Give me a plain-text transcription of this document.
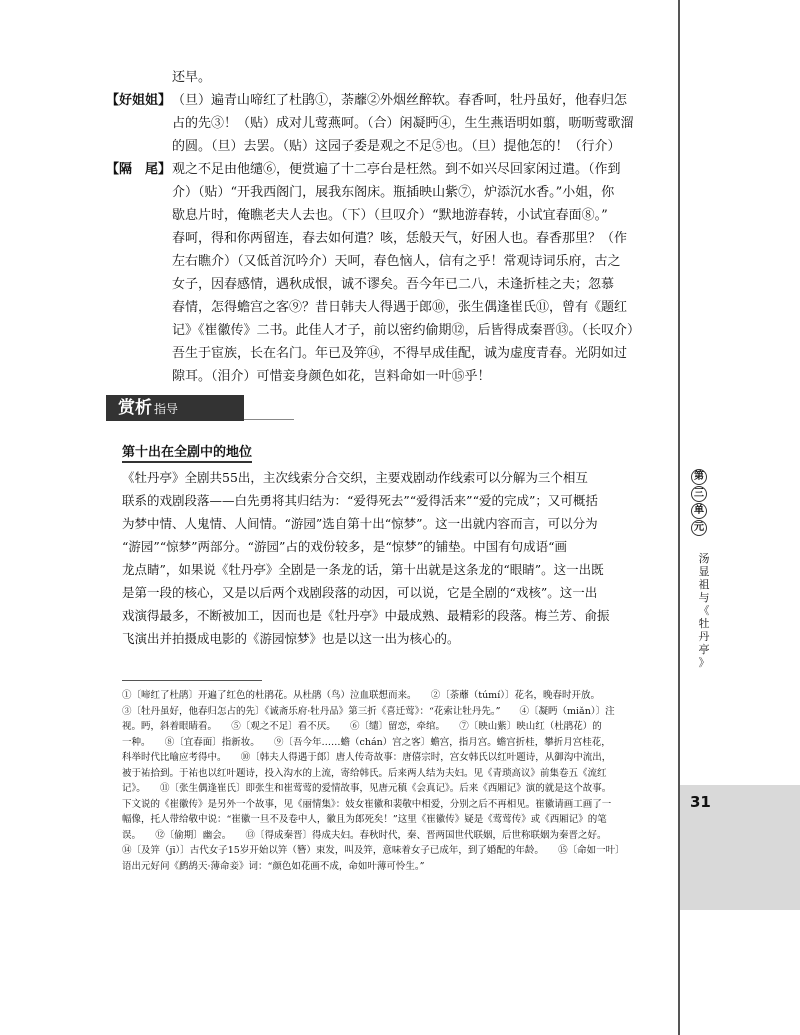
31
第
三
单
元
汤
显
祖
与
《
牡
丹
亭
》
还早。
【好姐姐】 （旦）遍青山啼红了杜鹃①，荼蘼②外烟丝醉软。春香呵，牡丹虽好，他春归怎
占的先③！（贴）成对儿莺燕呵。（合）闲凝眄④，生生燕语明如翦，呖呖莺歌溜
的圆。（旦）去罢。（贴）这园子委是观之不足⑤也。（旦）提他怎的！（行介）
【隔　尾】 观之不足由他缱⑥，便赏遍了十二亭台是枉然。到不如兴尽回家闲过遣。（作到
介）（贴）“开我西阁门，展我东阁床。瓶插映山紫⑦，炉添沉水香。”小姐，你
歇息片时，俺瞧老夫人去也。（下）（旦叹介）“默地游春转，小试宜春面⑧。”
春呵，得和你两留连，春去如何遣？咳，恁般天气，好困人也。春香那里？（作
左右瞧介）（又低首沉吟介）天呵，春色恼人，信有之乎！常观诗词乐府，古之
女子，因春感情，遇秋成恨，诚不谬矣。吾今年已二八，未逢折桂之夫；忽慕
春情，怎得蟾宫之客⑨？昔日韩夫人得遇于郎⑩，张生偶逢崔氏⑪，曾有《题红
记》《崔徽传》二书。此佳人才子，前以密约偷期⑫，后皆得成秦晋⑬。（长叹介）
吾生于宦族，长在名门。年已及笄⑭，不得早成佳配，诚为虚度青春。光阴如过
隙耳。（泪介）可惜妾身颜色如花，岂料命如一叶⑮乎！
赏析 指导
第十出在全剧中的地位
《牡丹亭》全剧共55出，主次线索分合交织，主要戏剧动作线索可以分解为三个相互
联系的戏剧段落——白先勇将其归结为：“爱得死去”“爱得活来”“爱的完成”；又可概括
为梦中情、人鬼情、人间情。“游园”选自第十出“惊梦”。这一出就内容而言，可以分为
“游园”“惊梦”两部分。“游园”占的戏份较多，是“惊梦”的铺垫。中国有句成语“画
龙点睛”，如果说《牡丹亭》全剧是一条龙的话，第十出就是这条龙的“眼睛”。这一出既
是第一段的核心，又是以后两个戏剧段落的动因，可以说，它是全剧的“戏核”。这一出
戏演得最多，不断被加工，因而也是《牡丹亭》中最成熟、最精彩的段落。梅兰芳、俞振
飞演出并拍摄成电影的《游园惊梦》也是以这一出为核心的。
①〔啼红了杜鹃〕开遍了红色的杜鹃花。从杜鹃（鸟）泣血联想而来。　　②〔荼蘼（túmí）〕花名，晚春时开放。
③〔牡丹虽好，他春归怎占的先〕《诚斋乐府·牡丹品》第三折《喜迁莺》：“花索让牡丹先。”　　④〔凝眄（miǎn）〕注
视。眄，斜着眼睛看。　　⑤〔观之不足〕看不厌。　　⑥〔缱〕留恋，牵绾。　　⑦〔映山紫〕映山红（杜鹃花）的
一种。　　⑧〔宜春面〕指新妆。　　⑨〔吾今年……蟾（chán）宫之客〕蟾宫，指月宫。蟾宫折桂，攀折月宫桂花，
科举时代比喻应考得中。　　⑩〔韩夫人得遇于郎〕唐人传奇故事：唐僖宗时，宫女韩氏以红叶题诗，从御沟中流出，
被于祐拾到。于祐也以红叶题诗，投入沟水的上流，寄给韩氏。后来两人结为夫妇。见《青琐高议》前集卷五《流红
记》。　　⑪〔张生偶逢崔氏〕即张生和崔莺莺的爱情故事，见唐元稹《会真记》。后来《西厢记》演的就是这个故事。
下文说的《崔徽传》是另外一个故事，见《丽情集》：妓女崔徽和裴敬中相爱，分别之后不再相见。崔徽请画工画了一
幅像，托人带给敬中说：“崔徽一旦不及卷中人，徽且为郎死矣！”这里《崔徽传》疑是《莺莺传》或《西厢记》的笔
误。　　⑫〔偷期〕幽会。　　⑬〔得成秦晋〕得成夫妇。春秋时代，秦、晋两国世代联姻，后世称联姻为秦晋之好。
⑭〔及笄（jī）〕古代女子15岁开始以笄（簪）束发，叫及笄，意味着女子已成年，到了婚配的年龄。　　⑮〔命如一叶〕
语出元好问《鹧鸪天·薄命妾》词：“颜色如花画不成，命如叶薄可怜生。”
